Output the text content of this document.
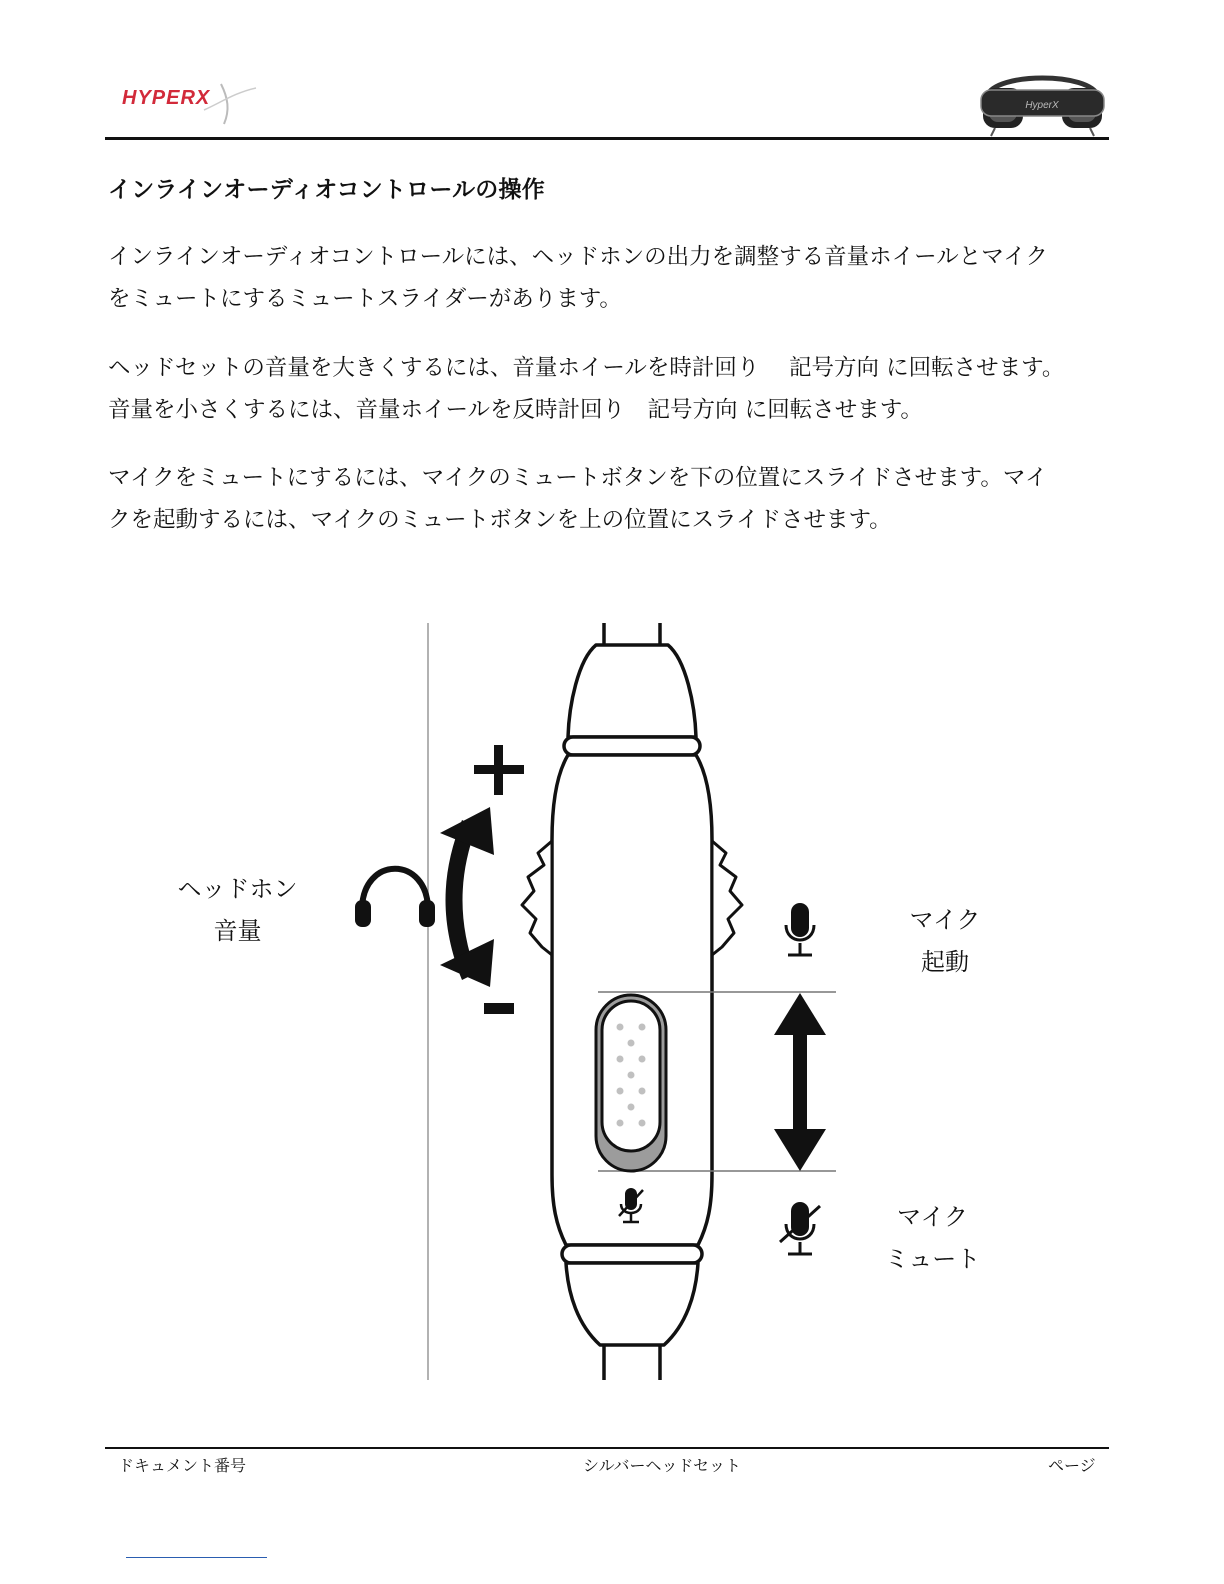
HYPERX	HyperX
インラインオーディオコントロールの操作
インラインオーディオコントロールには、ヘッドホンの出力を調整する音量ホイールとマイク
をミュートにするミュートスライダーがあります。
ヘッドセットの音量を大きくするには、音量ホイールを時計回り　 記号方向 に回転させます。
音量を小さくするには、音量ホイールを反時計回り　記号方向 に回転させます。
マイクをミュートにするには、マイクのミュートボタンを下の位置にスライドさせます。マイ
クを起動するには、マイクのミュートボタンを上の位置にスライドさせます。
ヘッドホン
音量	マイク
起動
マイク
ミュート
ドキュメント番号	シルバーヘッドセット	ページ
